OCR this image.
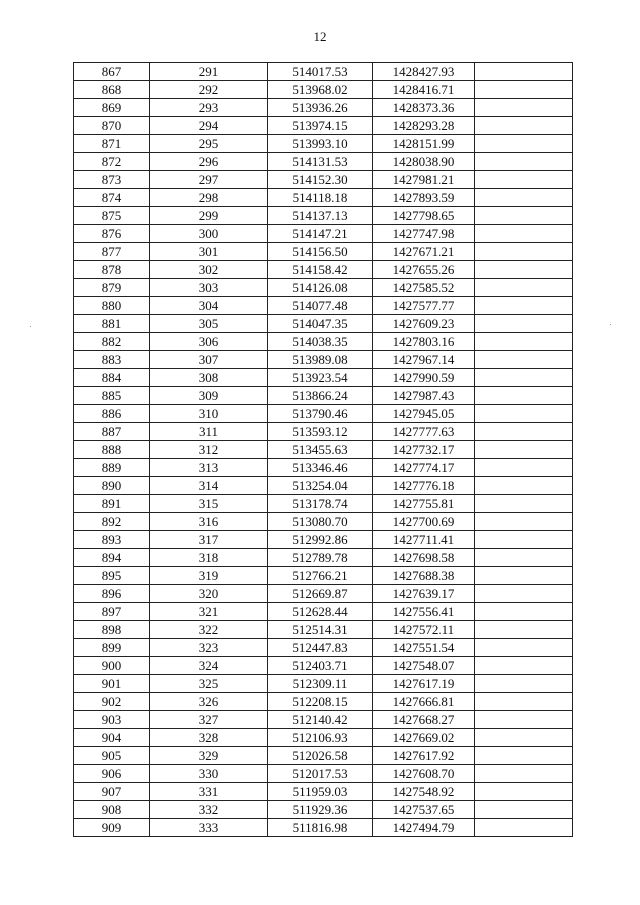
12
867	291	514017.53	1428427.93	
868	292	513968.02	1428416.71	
869	293	513936.26	1428373.36	
870	294	513974.15	1428293.28	
871	295	513993.10	1428151.99	
872	296	514131.53	1428038.90	
873	297	514152.30	1427981.21	
874	298	514118.18	1427893.59	
875	299	514137.13	1427798.65	
876	300	514147.21	1427747.98	
877	301	514156.50	1427671.21	
878	302	514158.42	1427655.26	
879	303	514126.08	1427585.52	
880	304	514077.48	1427577.77	
881	305	514047.35	1427609.23	
882	306	514038.35	1427803.16	
883	307	513989.08	1427967.14	
884	308	513923.54	1427990.59	
885	309	513866.24	1427987.43	
886	310	513790.46	1427945.05	
887	311	513593.12	1427777.63	
888	312	513455.63	1427732.17	
889	313	513346.46	1427774.17	
890	314	513254.04	1427776.18	
891	315	513178.74	1427755.81	
892	316	513080.70	1427700.69	
893	317	512992.86	1427711.41	
894	318	512789.78	1427698.58	
895	319	512766.21	1427688.38	
896	320	512669.87	1427639.17	
897	321	512628.44	1427556.41	
898	322	512514.31	1427572.11	
899	323	512447.83	1427551.54	
900	324	512403.71	1427548.07	
901	325	512309.11	1427617.19	
902	326	512208.15	1427666.81	
903	327	512140.42	1427668.27	
904	328	512106.93	1427669.02	
905	329	512026.58	1427617.92	
906	330	512017.53	1427608.70	
907	331	511959.03	1427548.92	
908	332	511929.36	1427537.65	
909	333	511816.98	1427494.79	
